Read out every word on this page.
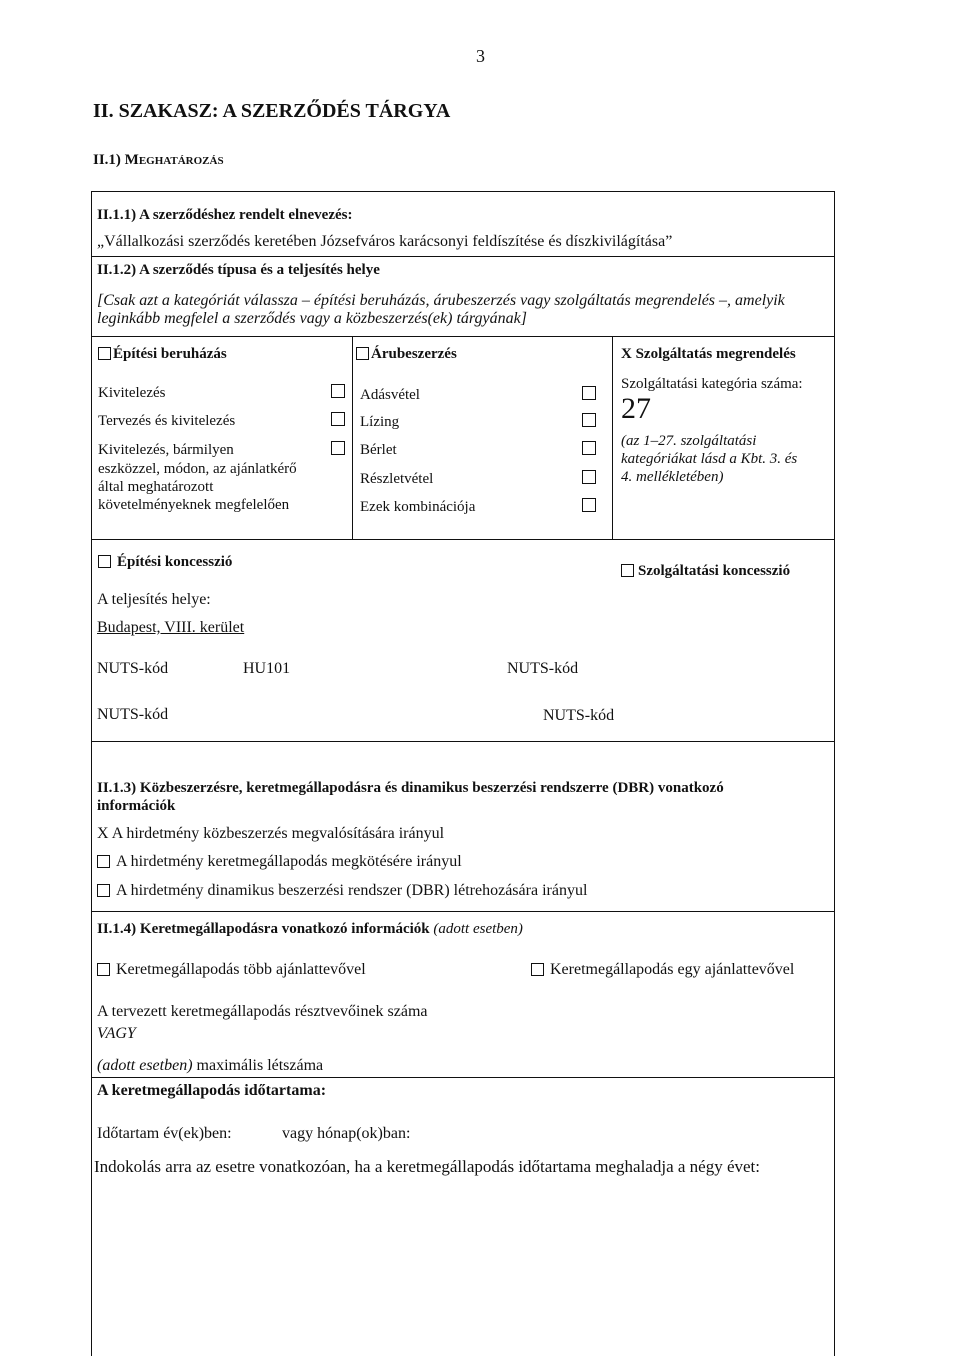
3
II. SZAKASZ: A SZERZŐDÉS TÁRGYA
II.1) Meghatározás
II.1.1) A szerződéshez rendelt elnevezés:
„Vállalkozási szerződés keretében Józsefváros karácsonyi feldíszítése és díszkivilágítása”
II.1.2) A szerződés típusa és a teljesítés helye
[Csak azt a kategóriát válassza – építési beruházás, árubeszerzés vagy szolgáltatás megrendelés –, amelyik
leginkább megfelel a szerződés vagy a közbeszerzés(ek) tárgyának]
Építési beruházás	Árubeszerzés	X Szolgáltatás megrendelés
Kivitelezés
Tervezés és kivitelezés
Kivitelezés, bármilyen
eszközzel, módon, az ajánlatkérő
által meghatározott
követelményeknek megfelelően
Adásvétel
Lízing
Bérlet
Részletvétel
Ezek kombinációja
Szolgáltatási kategória száma:
27
(az 1–27. szolgáltatási
kategóriákat lásd a Kbt. 3. és
4. mellékletében)
Építési koncesszió
Szolgáltatási koncesszió
A teljesítés helye:
Budapest, VIII. kerület
NUTS-kód	HU101	NUTS-kód
NUTS-kód	NUTS-kód
II.1.3) Közbeszerzésre, keretmegállapodásra és dinamikus beszerzési rendszerre (DBR) vonatkozó
információk
X A hirdetmény közbeszerzés megvalósítására irányul
A hirdetmény keretmegállapodás megkötésére irányul
A hirdetmény dinamikus beszerzési rendszer (DBR) létrehozására irányul
II.1.4) Keretmegállapodásra vonatkozó információk (adott esetben)
Keretmegállapodás több ajánlattevővel	Keretmegállapodás egy ajánlattevővel
A tervezett keretmegállapodás résztvevőinek száma
VAGY
(adott esetben) maximális létszáma
A keretmegállapodás időtartama:
Időtartam év(ek)ben:	vagy hónap(ok)ban:
Indokolás arra az esetre vonatkozóan, ha a keretmegállapodás időtartama meghaladja a négy évet:
